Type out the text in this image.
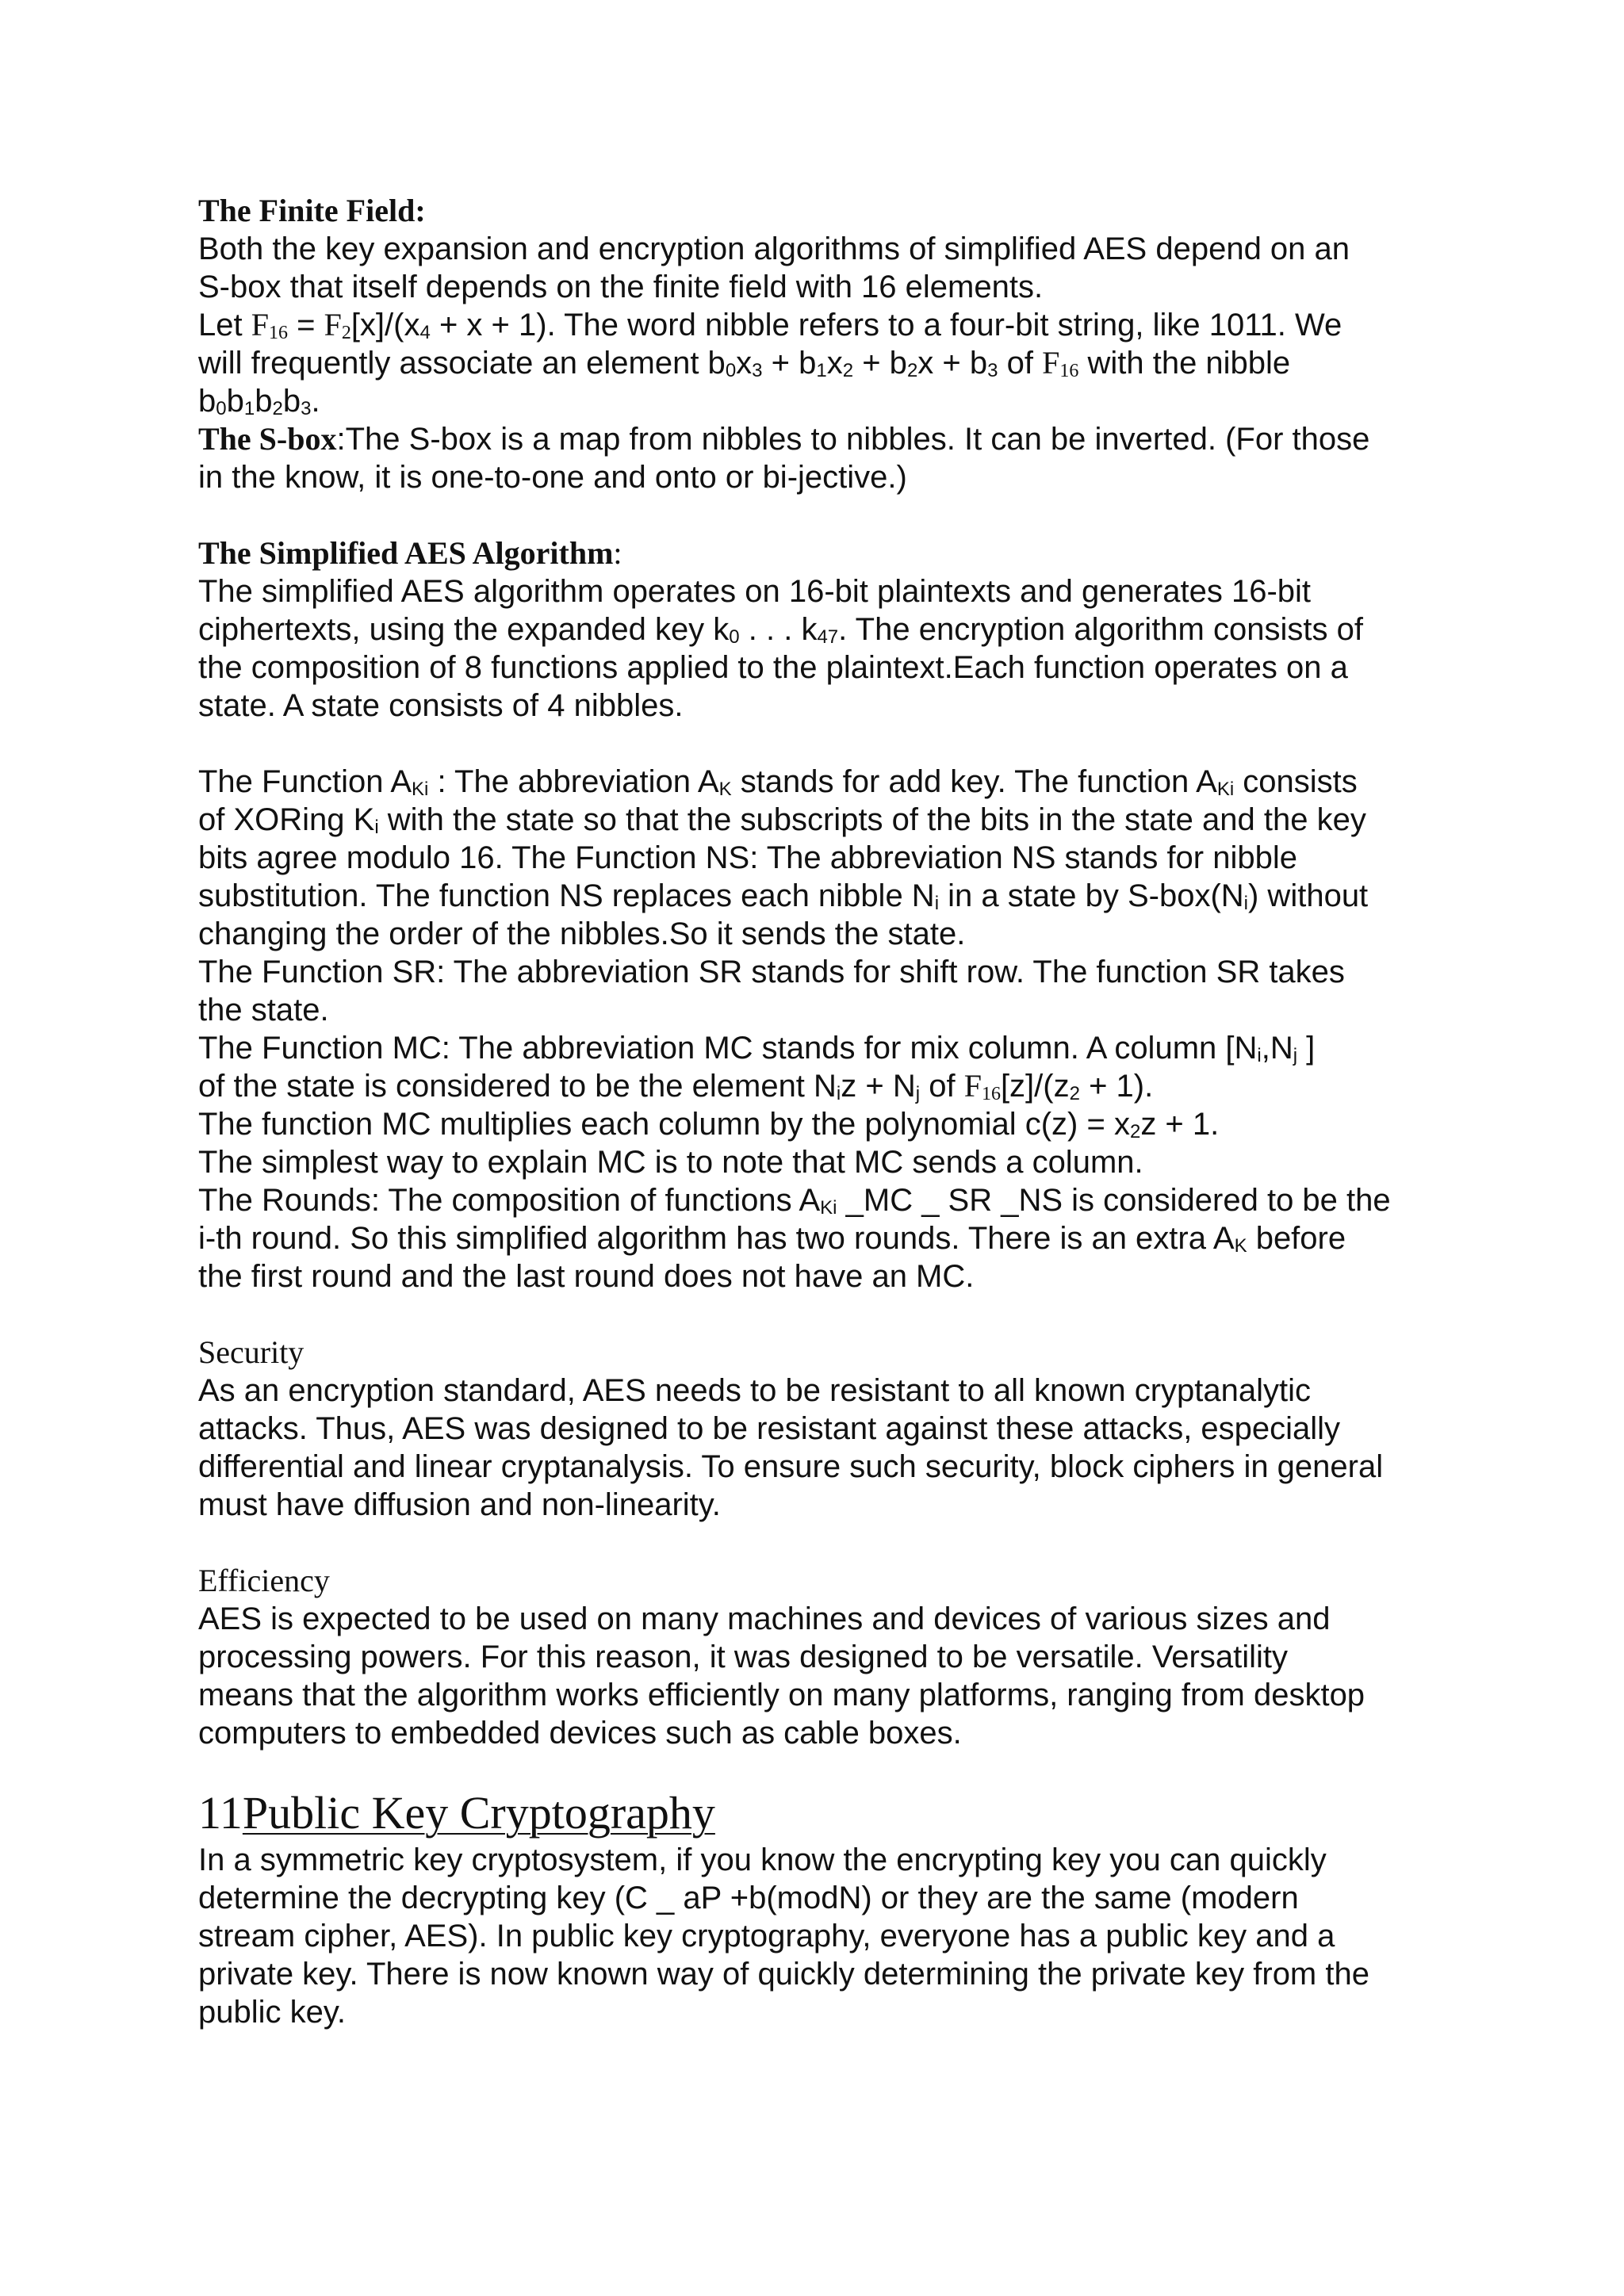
The Finite Field:

Both the key expansion and encryption algorithms of simplified AES depend on an

S-box that itself depends on the finite field with 16 elements.

Let F16 = F2[x]/(x4 + x + 1). The word nibble refers to a four-bit string, like 1011. We

will frequently associate an element b0x3 + b1x2 + b2x + b3 of F16 with the nibble

b0b1b2b3.

The S-box:The S-box is a map from nibbles to nibbles. It can be inverted. (For those

in the know, it is one-to-one and onto or bi-jective.)

The Simplified AES Algorithm:

The simplified AES algorithm operates on 16-bit plaintexts and generates 16-bit

ciphertexts, using the expanded key k0 . . . k47. The encryption algorithm consists of

the composition of 8 functions applied to the plaintext.Each function operates on a

state. A state consists of 4 nibbles.

The Function AKi : The abbreviation AK stands for add key. The function AKi consists

of XORing Ki with the state so that the subscripts of the bits in the state and the key

bits agree modulo 16. The Function NS: The abbreviation NS stands for nibble

substitution. The function NS replaces each nibble Ni in a state by S-box(Ni) without

changing the order of the nibbles.So it sends the state.

The Function SR: The abbreviation SR stands for shift row. The function SR takes

the state.

The Function MC: The abbreviation MC stands for mix column. A column [Ni,Nj ]

of the state is considered to be the element Niz + Nj of F16[z]/(z2 + 1).

The function MC multiplies each column by the polynomial c(z) = x2z + 1.

The simplest way to explain MC is to note that MC sends a column.

The Rounds: The composition of functions AKi _MC _ SR _NS is considered to be the

i-th round. So this simplified algorithm has two rounds. There is an extra AK before

the first round and the last round does not have an MC.

Security

As an encryption standard, AES needs to be resistant to all known cryptanalytic

attacks. Thus, AES was designed to be resistant against these attacks, especially

differential and linear cryptanalysis. To ensure such security, block ciphers in general

must have diffusion and non-linearity.

Efficiency

AES is expected to be used on many machines and devices of various sizes and

processing powers. For this reason, it was designed to be versatile. Versatility

means that the algorithm works efficiently on many platforms, ranging from desktop

computers to embedded devices such as cable boxes.

11Public Key Cryptography

In a symmetric key cryptosystem, if you know the encrypting key you can quickly

determine the decrypting key (C _ aP +b(modN) or they are the same (modern

stream cipher, AES). In public key cryptography, everyone has a public key and a

private key. There is now known way of quickly determining the private key from the

public key.
